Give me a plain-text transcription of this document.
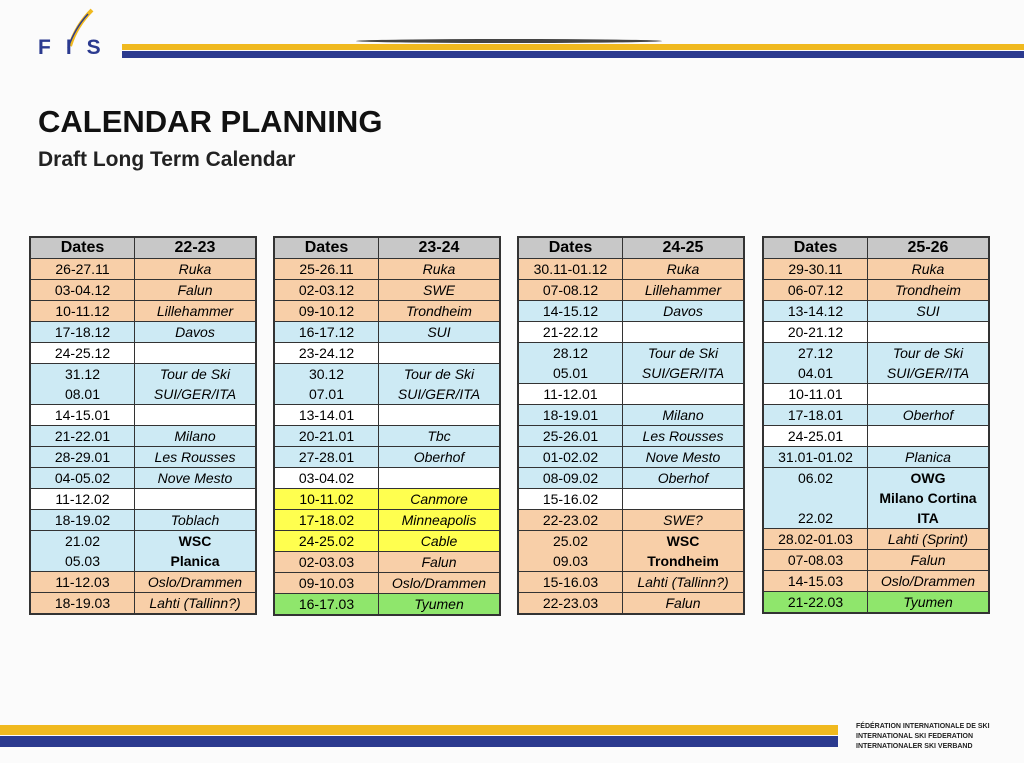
F I S
CALENDAR PLANNING
Draft Long Term Calendar
Dates	22-23
26-27.11	Ruka
03-04.12	Falun
10-11.12	Lillehammer
17-18.12	Davos
24-25.12	
31.12	Tour de Ski
08.01	SUI/GER/ITA
14-15.01	
21-22.01	Milano
28-29.01	Les Rousses
04-05.02	Nove Mesto
11-12.02	
18-19.02	Toblach
21.02	WSC
05.03	Planica
11-12.03	Oslo/Drammen
18-19.03	Lahti (Tallinn?)
Dates	23-24
25-26.11	Ruka
02-03.12	SWE
09-10.12	Trondheim
16-17.12	SUI
23-24.12	
30.12	Tour de Ski
07.01	SUI/GER/ITA
13-14.01	
20-21.01	Tbc
27-28.01	Oberhof
03-04.02	
10-11.02	Canmore
17-18.02	Minneapolis
24-25.02	Cable
02-03.03	Falun
09-10.03	Oslo/Drammen
16-17.03	Tyumen
Dates	24-25
30.11-01.12	Ruka
07-08.12	Lillehammer
14-15.12	Davos
21-22.12	
28.12	Tour de Ski
05.01	SUI/GER/ITA
11-12.01	
18-19.01	Milano
25-26.01	Les Rousses
01-02.02	Nove Mesto
08-09.02	Oberhof
15-16.02	
22-23.02	SWE?
25.02	WSC
09.03	Trondheim
15-16.03	Lahti (Tallinn?)
22-23.03	Falun
Dates	25-26
29-30.11	Ruka
06-07.12	Trondheim
13-14.12	SUI
20-21.12	
27.12	Tour de Ski
04.01	SUI/GER/ITA
10-11.01	
17-18.01	Oberhof
24-25.01	
31.01-01.02	Planica
06.02	OWG
	Milano Cortina
22.02	ITA
28.02-01.03	Lahti (Sprint)
07-08.03	Falun
14-15.03	Oslo/Drammen
21-22.03	Tyumen
FÉDÉRATION INTERNATIONALE DE SKI
INTERNATIONAL SKI FEDERATION
INTERNATIONALER SKI VERBAND
